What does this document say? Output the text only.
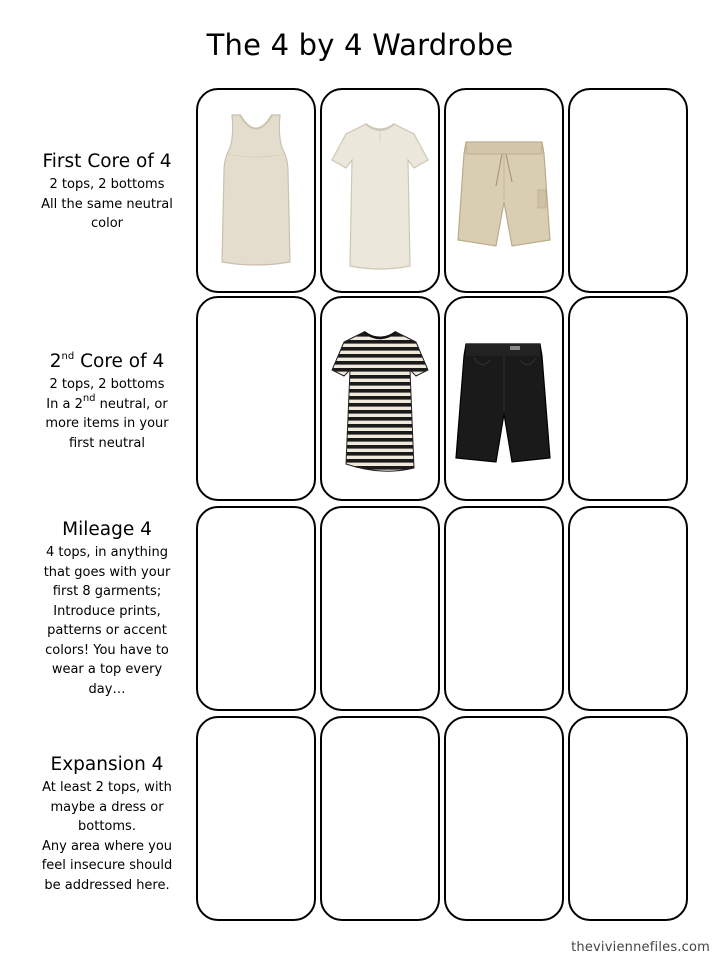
The 4 by 4 Wardrobe
First Core of 4
2 tops, 2 bottoms
All the same neutral
color
2nd Core of 4
2 tops, 2 bottoms
In a 2nd neutral, or
more items in your
first neutral
Mileage 4
4 tops, in anything
that goes with your
first 8 garments;
Introduce prints,
patterns or accent
colors! You have to
wear a top every
day…
Expansion 4
At least 2 tops, with
maybe a dress or
bottoms.
Any area where you
feel insecure should
be addressed here.
theviviennefiles.com
